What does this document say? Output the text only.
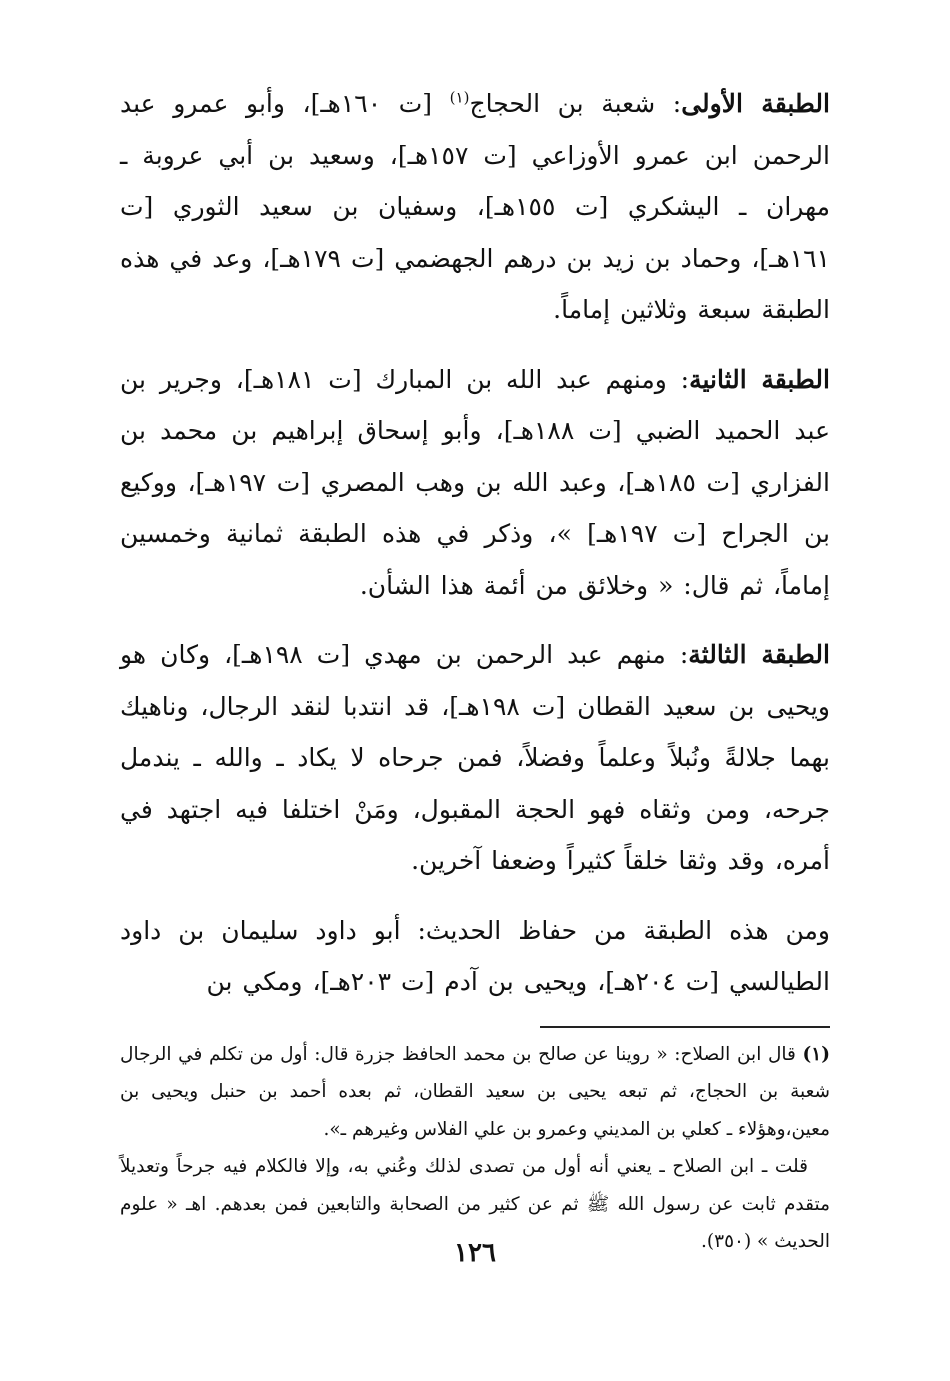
الطبقة الأولى: شعبة بن الحجاج$^{(١)}$ [ت ١٦٠هـ]، وأبو عمرو عبد الرحمن ابن عمرو الأوزاعي [ت ١٥٧هـ]، وسعيد بن أبي عروبة ـ مهران ـ اليشكري [ت ١٥٥هـ]، وسفيان بن سعيد الثوري [ت ١٦١هـ]، وحماد بن زيد بن درهم الجهضمي [ت ١٧٩هـ]، وعد في هذه الطبقة سبعة وثلاثين إماماً.

الطبقة الثانية: ومنهم عبد الله بن المبارك [ت ١٨١هـ]، وجرير بن عبد الحميد الضبي [ت ١٨٨هـ]، وأبو إسحاق إبراهيم بن محمد بن الفزاري [ت ١٨٥هـ]، وعبد الله بن وهب المصري [ت ١٩٧هـ]، ووكيع بن الجراح [ت ١٩٧هـ] »، وذكر في هذه الطبقة ثمانية وخمسين إماماً، ثم قال: « وخلائق من أئمة هذا الشأن.

الطبقة الثالثة: منهم عبد الرحمن بن مهدي [ت ١٩٨هـ]، وكان هو ويحيى بن سعيد القطان [ت ١٩٨هـ]، قد انتدبا لنقد الرجال، وناهيك بهما جلالةً ونُبلاً وعلماً وفضلاً، فمن جرحاه لا يكاد ـ والله ـ يندمل جرحه، ومن وثقاه فهو الحجة المقبول، ومَنْ اختلفا فيه اجتهد في أمره، وقد وثقا خلقاً كثيراً وضعفا آخرين.

ومن هذه الطبقة من حفاظ الحديث: أبو داود سليمان بن داود الطيالسي [ت ٢٠٤هـ]، ويحيى بن آدم [ت ٢٠٣هـ]، ومكي بن

(١) قال ابن الصلاح: « روينا عن صالح بن محمد الحافظ جزرة قال: أول من تكلم في الرجال شعبة بن الحجاج، ثم تبعه يحيى بن سعيد القطان، ثم بعده أحمد بن حنبل ويحيى بن معين،وهؤلاء ـ كعلي بن المديني وعمرو بن علي الفلاس وغيرهم ـ».

قلت ـ ابن الصلاح ـ يعني أنه أول من تصدى لذلك وعُني به، وإلا فالكلام فيه جرحاً وتعديلاً متقدم ثابت عن رسول الله ﷺ ثم عن كثير من الصحابة والتابعين فمن بعدهم. اهـ « علوم الحديث » (٣٥٠).

١٢٦
